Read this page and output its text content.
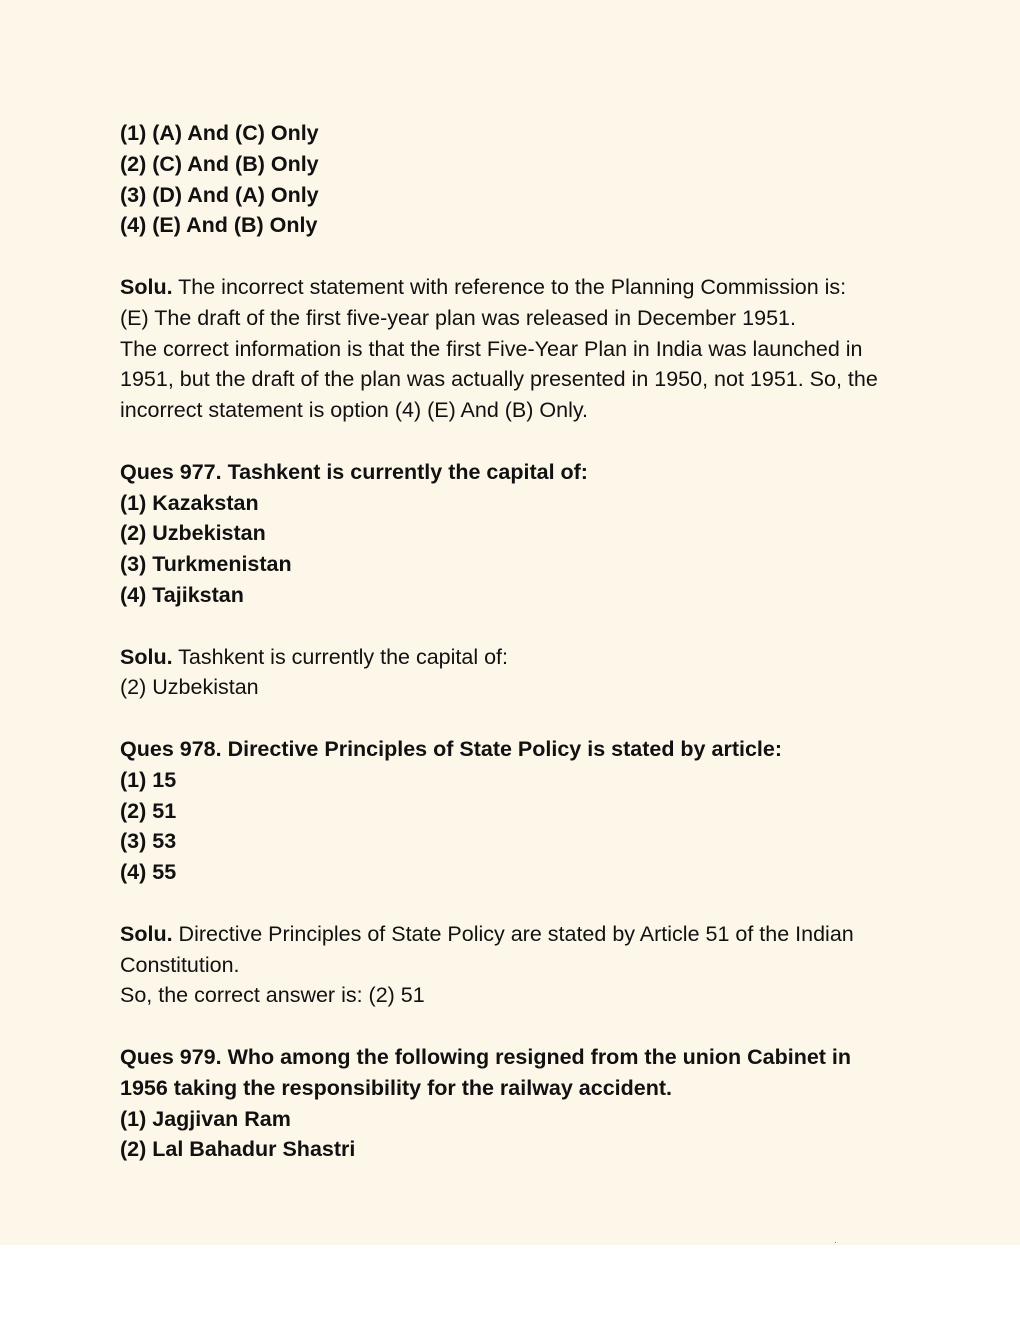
(1) (A) And (C) Only
(2) (C) And (B) Only
(3) (D) And (A) Only
(4) (E) And (B) Only
Solu. The incorrect statement with reference to the Planning Commission is:
(E) The draft of the first five-year plan was released in December 1951.
The correct information is that the first Five-Year Plan in India was launched in 1951, but the draft of the plan was actually presented in 1950, not 1951. So, the incorrect statement is option (4) (E) And (B) Only.
Ques 977. Tashkent is currently the capital of:
(1) Kazakstan
(2) Uzbekistan
(3) Turkmenistan
(4) Tajikstan
Solu. Tashkent is currently the capital of:
(2) Uzbekistan
Ques 978. Directive Principles of State Policy is stated by article:
(1) 15
(2) 51
(3) 53
(4) 55
Solu. Directive Principles of State Policy are stated by Article 51 of the Indian Constitution.
So, the correct answer is: (2) 51
Ques 979. Who among the following resigned from the union Cabinet in 1956 taking the responsibility for the railway accident.
(1) Jagjivan Ram
(2) Lal Bahadur Shastri
